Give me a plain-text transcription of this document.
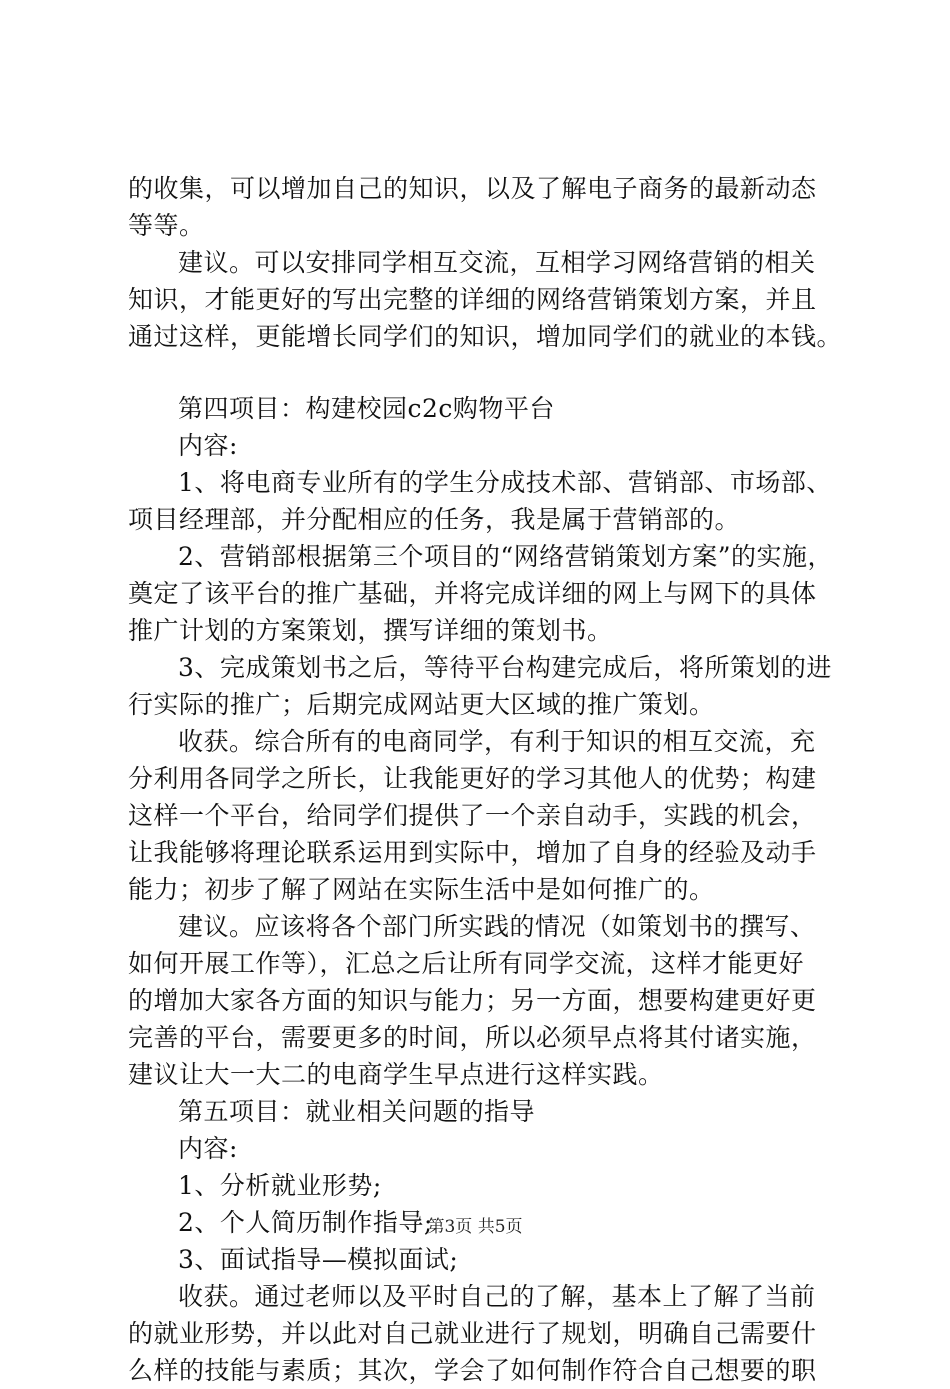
的收集，可以增加自己的知识，以及了解电子商务的最新动态

等等。

建议。可以安排同学相互交流，互相学习网络营销的相关

知识，才能更好的写出完整的详细的网络营销策划方案，并且

通过这样，更能增长同学们的知识，增加同学们的就业的本钱。

第四项目：构建校园c2c购物平台

内容:

1、将电商专业所有的学生分成技术部、营销部、市场部、

项目经理部，并分配相应的任务，我是属于营销部的。

2、营销部根据第三个项目的“网络营销策划方案”的实施，

奠定了该平台的推广基础，并将完成详细的网上与网下的具体

推广计划的方案策划，撰写详细的策划书。

3、完成策划书之后，等待平台构建完成后，将所策划的进

行实际的推广；后期完成网站更大区域的推广策划。

收获。综合所有的电商同学，有利于知识的相互交流，充

分利用各同学之所长，让我能更好的学习其他人的优势；构建

这样一个平台，给同学们提供了一个亲自动手，实践的机会，

让我能够将理论联系运用到实际中，增加了自身的经验及动手

能力；初步了解了网站在实际生活中是如何推广的。

建议。应该将各个部门所实践的情况（如策划书的撰写、

如何开展工作等），汇总之后让所有同学交流，这样才能更好

的增加大家各方面的知识与能力；另一方面，想要构建更好更

完善的平台，需要更多的时间，所以必须早点将其付诸实施，

建议让大一大二的电商学生早点进行这样实践。

第五项目：就业相关问题的指导

内容:

1、分析就业形势;

2、个人简历制作指导;

3、面试指导—模拟面试;

收获。通过老师以及平时自己的了解，基本上了解了当前

的就业形势，并以此对自己就业进行了规划，明确自己需要什

么样的技能与素质；其次，学会了如何制作符合自己想要的职

第3页 共5页
